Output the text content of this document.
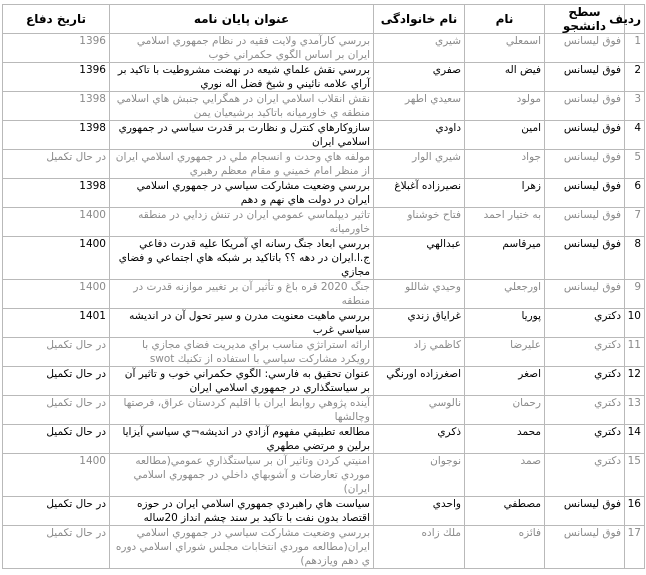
ردیف	سطح دانشجو	نام	نام خانوادگی	عنوان پایان نامه	تاریخ دفاع
1	فوق ليسانس	اسمعلي	شيري	بررسي كارآمدي ولايت فقيه در نظام جمهوري اسلامي ايران بر اساس الگوي حكمراني خوب	1396
2	فوق ليسانس	فيض اله	صفري	بررسي نقش علماي شيعه در نهضت مشروطيت با تاكيد بر آراي علامه نائيني و شيخ فضل اله نوري	1396
3	فوق ليسانس	مولود	سعيدي اطهر	نقش انقلاب اسلامي ايران در همگرايي جنبش هاي اسلامي منطقه ي خاورميانه باتاكيد برشيعيان يمن	1398
4	فوق ليسانس	امين	داودي	سازوكارهاي كنترل و نظارت بر قدرت سياسي در جمهوري اسلامي ايران	1398
5	فوق ليسانس	جواد	شيري الوار	مولفه هاي وحدت و انسجام ملي در جمهوري اسلامي ايران از منظر امام خميني و مقام معظم رهبري	در حال تكميل
6	فوق ليسانس	زهرا	نصيرزاده آغبلاغ	بررسي وضعيت مشاركت سياسي در جمهوري اسلامي ايران در دولت هاي نهم و دهم	1398
7	فوق ليسانس	به ختيار احمد	فتاح خوشناو	تاثير ديپلماسي عمومي ايران در تنش زدايي در منطقه خاورميانه	1400
8	فوق ليسانس	ميرقاسم	عبدالهي	بررسي ابعاد جنگ رسانه اي آمريكا عليه قدرت دفاعي ج.ا.ايران در دهه ؟؟ باتاكيد بر شبكه هاي اجتماعي و فضاي مجازي	1400
9	فوق ليسانس	اورجعلي	وحيدي شاللو	جنگ 2020 قره باغ و تأثير آن بر تغيير موازنه قدرت در منطقه	1400
10	دكتري	پوريا	غراياق زندي	بررسي ماهيت معنويت مدرن و سير تحول آن در انديشه سياسي غرب	1401
11	دكتري	عليرضا	كاظمي زاد	ارائه استراتژي مناسب براي مديريت فضاي مجازي با رويكرد مشاركت سياسي با استفاده از تكنيك swot	در حال تكميل
12	دكتري	اصغر	اصغرزاده اورنگي	عنوان تحقيق به فارسي: الگوي حكمراني خوب و تاثير آن بر سياستگذاري در جمهوري اسلامي ايران	در حال تكميل
13	دكتري	رحمان	نالوسي	آينده پژوهي روابط ايران با اقليم كردستان عراق، فرصتها وچالشها	در حال تكميل
14	دكتري	محمد	ذكري	مطالعه تطبيقي مفهوم آزادي در انديشه¬ي سياسي آيزايا برلين و مرتضي مطهري	در حال تكميل
15	دكتري	صمد	نوجوان	امنيتي كردن وتاثير آن بر سياستگذاري عمومي(مطالعه موردي تعارضات و آشوبهاي داخلي در جمهوري اسلامي ايران)	1400
16	فوق ليسانس	مصطفي	واحدي	سياست هاي راهبردي جمهوري اسلامي ايران در حوزه اقتصاد بدون نفت با تاكيد بر سند چشم انداز 20ساله	در حال تكميل
17	فوق ليسانس	فائزه	ملك زاده	بررسي وضعيت مشاركت سياسي در جمهوري اسلامي ايران(مطالعه موردي انتخابات مجلس شوراي اسلامي دوره ي دهم ويازدهم)	در حال تكميل
